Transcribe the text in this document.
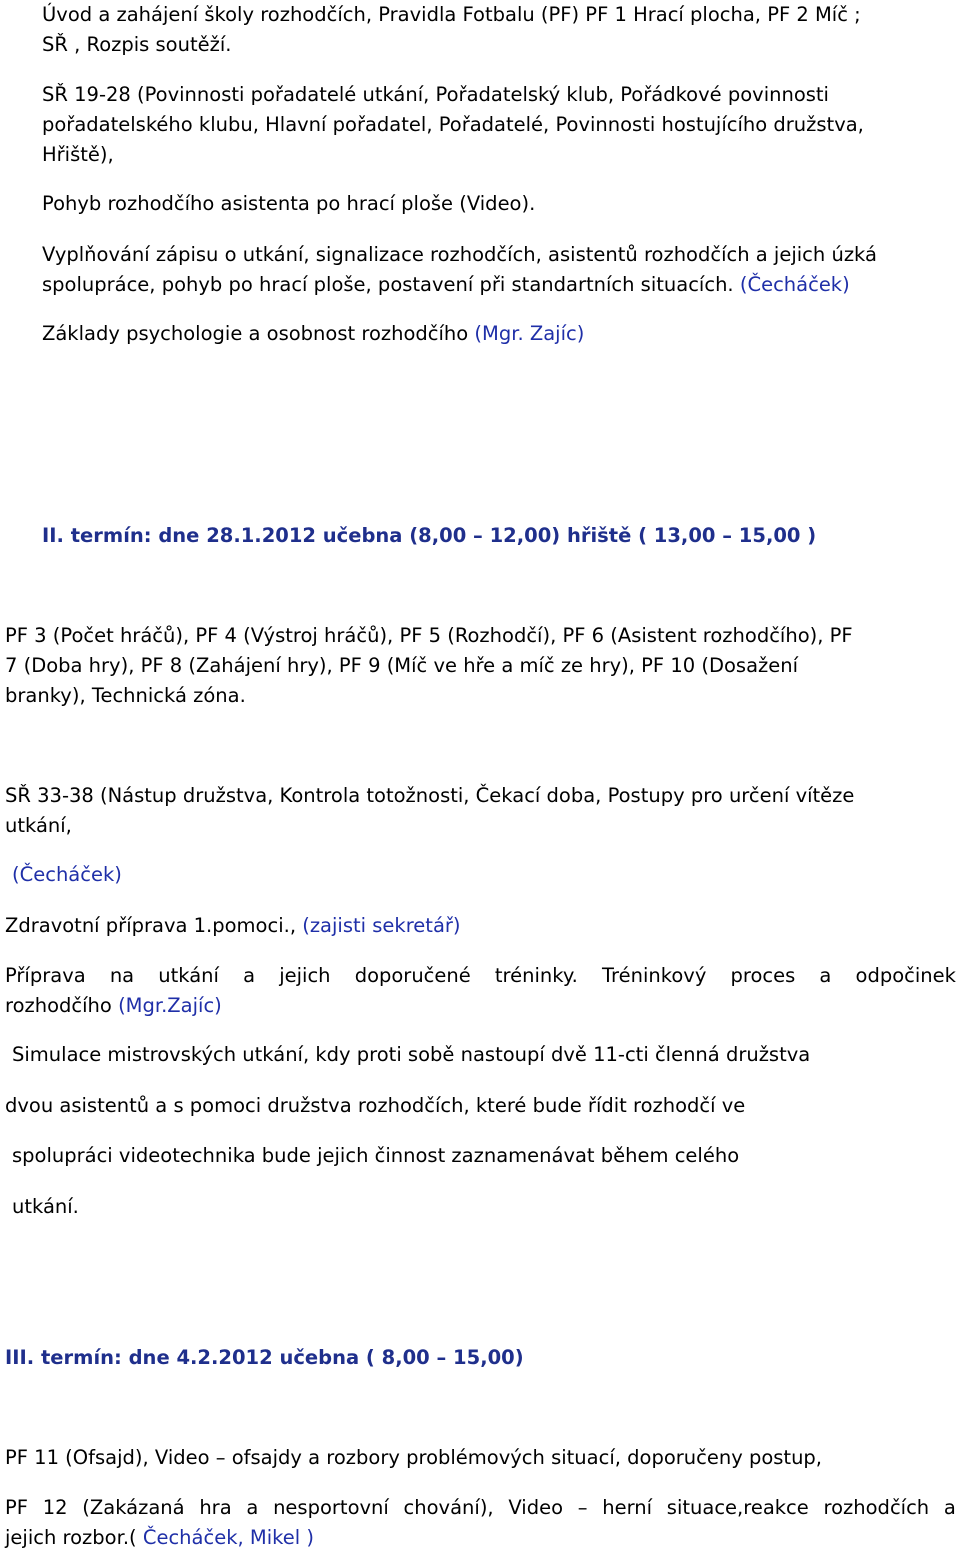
Úvod a zahájení školy rozhodčích, Pravidla Fotbalu (PF) PF 1 Hrací plocha, PF 2 Míč ;
SŘ , Rozpis soutěží.
SŘ 19-28 (Povinnosti pořadatelé utkání, Pořadatelský klub, Pořádkové povinnosti
pořadatelského klubu, Hlavní pořadatel, Pořadatelé, Povinnosti hostujícího družstva,
Hřiště),
Pohyb rozhodčího asistenta po hrací ploše (Video).
Vyplňování zápisu o utkání, signalizace rozhodčích, asistentů rozhodčích a jejich úzká
spolupráce, pohyb po hrací ploše, postavení při standartních situacích. (Čecháček)
Základy psychologie a osobnost rozhodčího (Mgr. Zajíc)
II. termín: dne 28.1.2012 učebna (8,00 – 12,00) hřiště ( 13,00 – 15,00 )
PF 3 (Počet hráčů), PF 4 (Výstroj hráčů), PF 5 (Rozhodčí), PF 6 (Asistent rozhodčího), PF
7 (Doba hry), PF 8 (Zahájení hry), PF 9 (Míč ve hře a míč ze hry), PF 10 (Dosažení
branky), Technická zóna.
SŘ 33-38 (Nástup družstva, Kontrola totožnosti, Čekací doba, Postupy pro určení vítěze
utkání,
(Čecháček)
Zdravotní příprava 1.pomoci., (zajisti sekretář)
Příprava na utkání a jejich doporučené tréninky. Tréninkový proces a odpočinek
rozhodčího (Mgr.Zajíc)
Simulace mistrovských utkání, kdy proti sobě nastoupí dvě 11-cti členná družstva
dvou asistentů a s pomoci družstva rozhodčích, které bude řídit rozhodčí ve
spolupráci videotechnika bude jejich činnost zaznamenávat během celého
utkání.
III. termín: dne 4.2.2012 učebna ( 8,00 – 15,00)
PF 11 (Ofsajd), Video – ofsajdy a rozbory problémových situací, doporučeny postup,
PF 12 (Zakázaná hra a nesportovní chování), Video – herní situace,reakce rozhodčích a
jejich rozbor.( Čecháček, Mikel )
